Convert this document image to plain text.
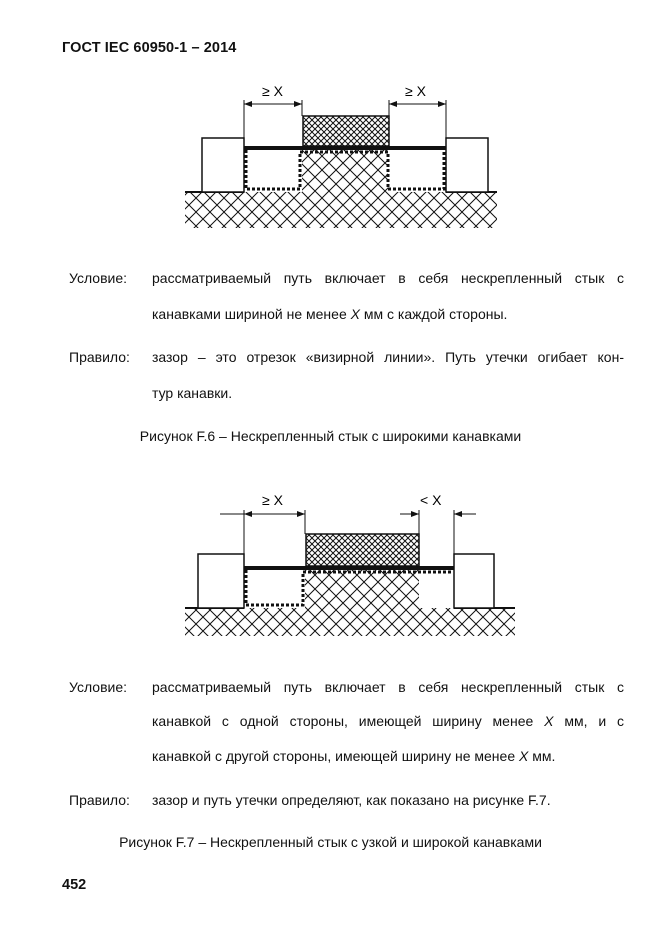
ГОСТ IEC 60950-1 – 2014
≥ X	≥ X
Условие: рассматриваемый путь включает в себя нескрепленный стык с
канавками шириной не менее X мм с каждой стороны.
Правило: зазор – это отрезок «визирной линии». Путь утечки огибает кон-
тур канавки.
Рисунок F.6 – Нескрепленный стык с широкими канавками
≥ X	< X
Условие: рассматриваемый путь включает в себя нескрепленный стык с
канавкой с одной стороны, имеющей ширину менее X мм, и с
канавкой с другой стороны, имеющей ширину не менее X мм.
Правило: зазор и путь утечки определяют, как показано на рисунке F.7.
Рисунок F.7 – Нескрепленный стык с узкой и широкой канавками
452
